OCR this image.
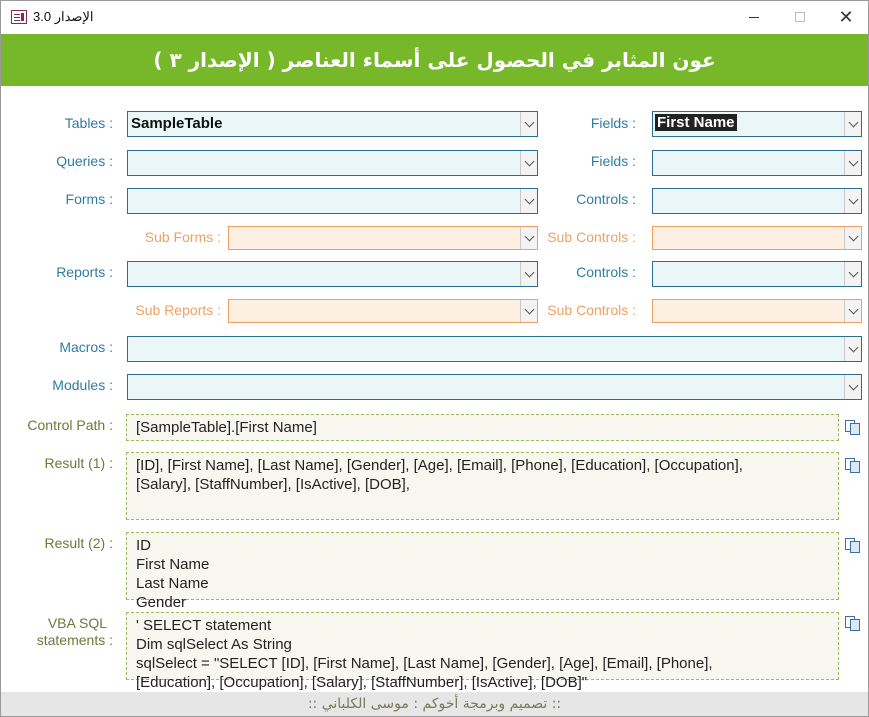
الإصدار 3.0	✕
عون المثابر في الحصول على أسماء العناصر ( الإصدار ٣ )
Tables : SampleTable	Fields : First Name
Queries :	Fields :
Forms :	Controls :
Sub Forms :	Sub Controls :
Reports :	Controls :
Sub Reports :	Sub Controls :
Macros :
Modules :
Control Path : [SampleTable].[First Name]
Result (1) : [ID], [First Name], [Last Name], [Gender], [Age], [Email], [Phone], [Education], [Occupation],
[Salary], [StaffNumber], [IsActive], [DOB],
Result (2) : ID
First Name
Last Name
Gender
VBA SQL
statements :
' SELECT statement
Dim sqlSelect As String
sqlSelect = "SELECT [ID], [First Name], [Last Name], [Gender], [Age], [Email], [Phone],
[Education], [Occupation], [Salary], [StaffNumber], [IsActive], [DOB]"
:: تصميم وبرمجة أخوكم : موسى الكلباني ::
